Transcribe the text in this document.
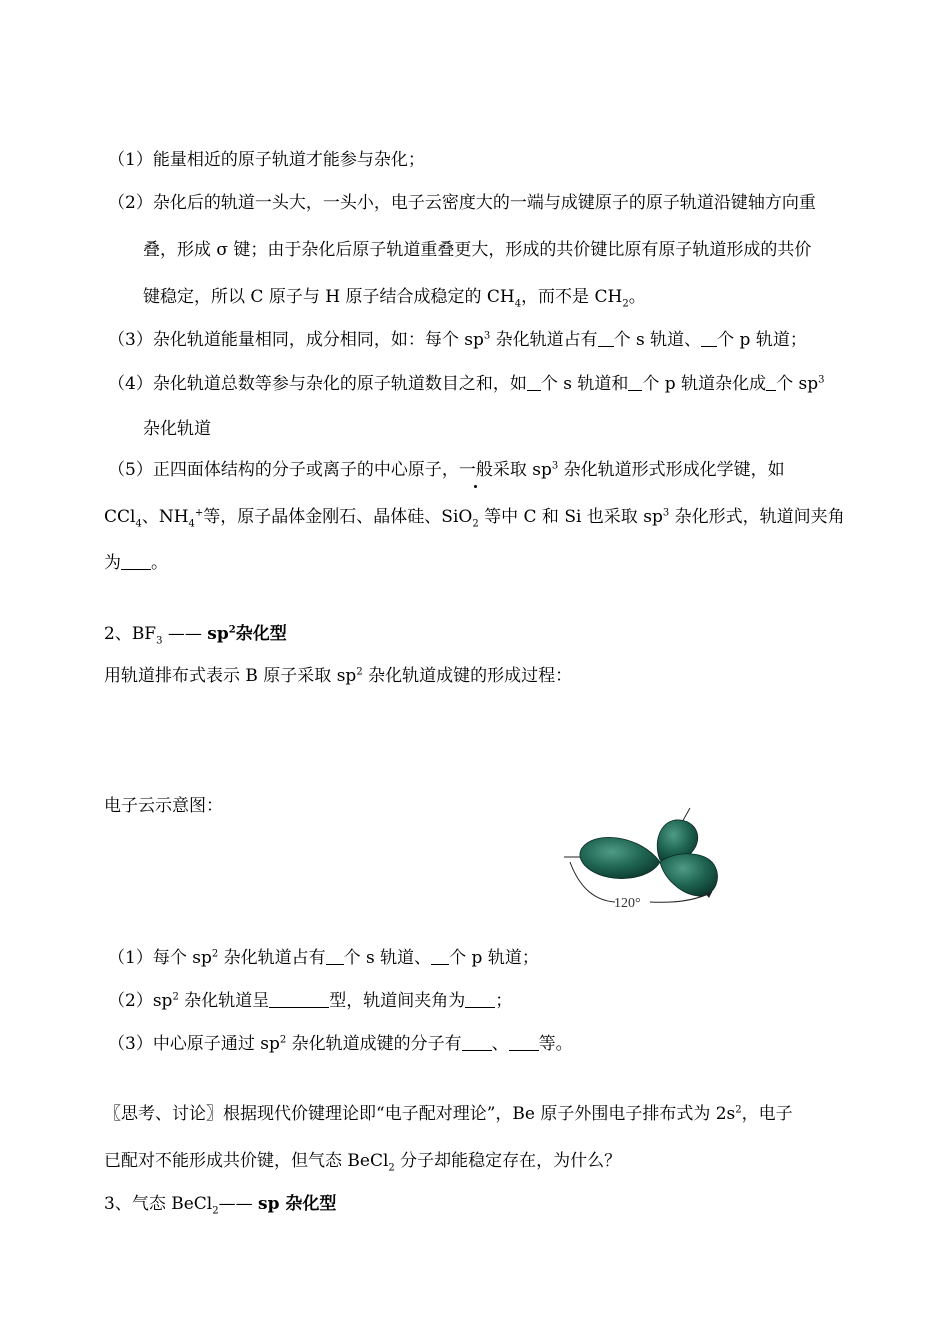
（1）能量相近的原子轨道才能参与杂化；
（2）杂化后的轨道一头大，一头小，电子云密度大的一端与成键原子的原子轨道沿键轴方向重
叠，形成 σ 键；由于杂化后原子轨道重叠更大，形成的共价键比原有原子轨道形成的共价
键稳定，所以 C 原子与 H 原子结合成稳定的 $CH_4$，而不是 $CH_2$。
（3）杂化轨道能量相同，成分相同，如：每个 $sp^3$ 杂化轨道占有 个 s 轨道、 个 p 轨道；
（4）杂化轨道总数等参与杂化的原子轨道数目之和，如 个 s 轨道和 个 p 轨道杂化成 个 $sp^3$
杂化轨道
（5）正四面体结构的分子或离子的中心原子，一般采取 $sp^3$ 杂化轨道形式形成化学键，如
CCl$_4$、$NH_4^+$等，原子晶体金刚石、晶体硅、SiO$_2$ 等中 C 和 Si 也采取 $sp^3$ 杂化形式，轨道间夹角
为 。
2、$BF_3$ —— $sp^2$杂化型
用轨道排布式表示 B 原子采取 $sp^2$ 杂化轨道成键的形成过程：
电子云示意图：
120°
（1）每个 $sp^2$ 杂化轨道占有 个 s 轨道、 个 p 轨道；
$(2)sp^2$ 杂化轨道呈	型，轨道间夹角为 ；
（3）中心原子通过 $sp^2$ 杂化轨道成键的分子有 、 等。
〖思考、讨论〗根据现代价键理论即“电子配对理论”，Be 原子外围电子排布式为 $2s^2$，电子
已配对不能形成共价键，但气态 BeCl$_2$ 分子却能稳定存在，为什么？
3、气态 BeCl$_2$—— sp 杂化型
